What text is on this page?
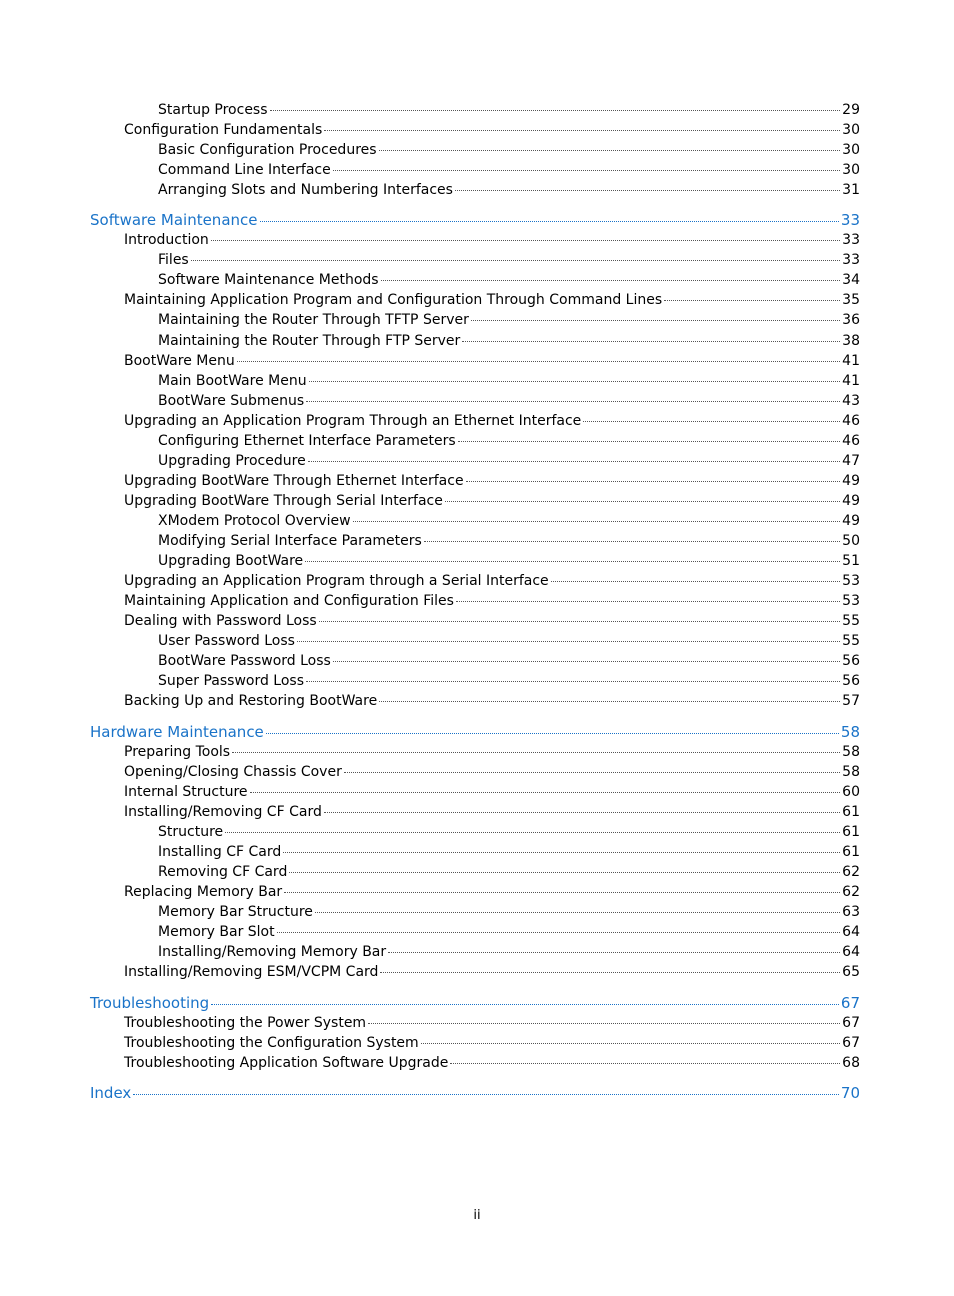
Startup Process	29
Configuration Fundamentals	30
Basic Configuration Procedures	30
Command Line Interface	30
Arranging Slots and Numbering Interfaces	31
Software Maintenance	33
Introduction	33
Files	33
Software Maintenance Methods	34
Maintaining Application Program and Configuration Through Command Lines	35
Maintaining the Router Through TFTP Server	36
Maintaining the Router Through FTP Server	38
BootWare Menu	41
Main BootWare Menu	41
BootWare Submenus	43
Upgrading an Application Program Through an Ethernet Interface	46
Configuring Ethernet Interface Parameters	46
Upgrading Procedure	47
Upgrading BootWare Through Ethernet Interface	49
Upgrading BootWare Through Serial Interface	49
XModem Protocol Overview	49
Modifying Serial Interface Parameters	50
Upgrading BootWare	51
Upgrading an Application Program through a Serial Interface	53
Maintaining Application and Configuration Files	53
Dealing with Password Loss	55
User Password Loss	55
BootWare Password Loss	56
Super Password Loss	56
Backing Up and Restoring BootWare	57
Hardware Maintenance	58
Preparing Tools	58
Opening/Closing Chassis Cover	58
Internal Structure	60
Installing/Removing CF Card	61
Structure	61
Installing CF Card	61
Removing CF Card	62
Replacing Memory Bar	62
Memory Bar Structure	63
Memory Bar Slot	64
Installing/Removing Memory Bar	64
Installing/Removing ESM/VCPM Card	65
Troubleshooting	67
Troubleshooting the Power System	67
Troubleshooting the Configuration System	67
Troubleshooting Application Software Upgrade	68
Index	70
ii
